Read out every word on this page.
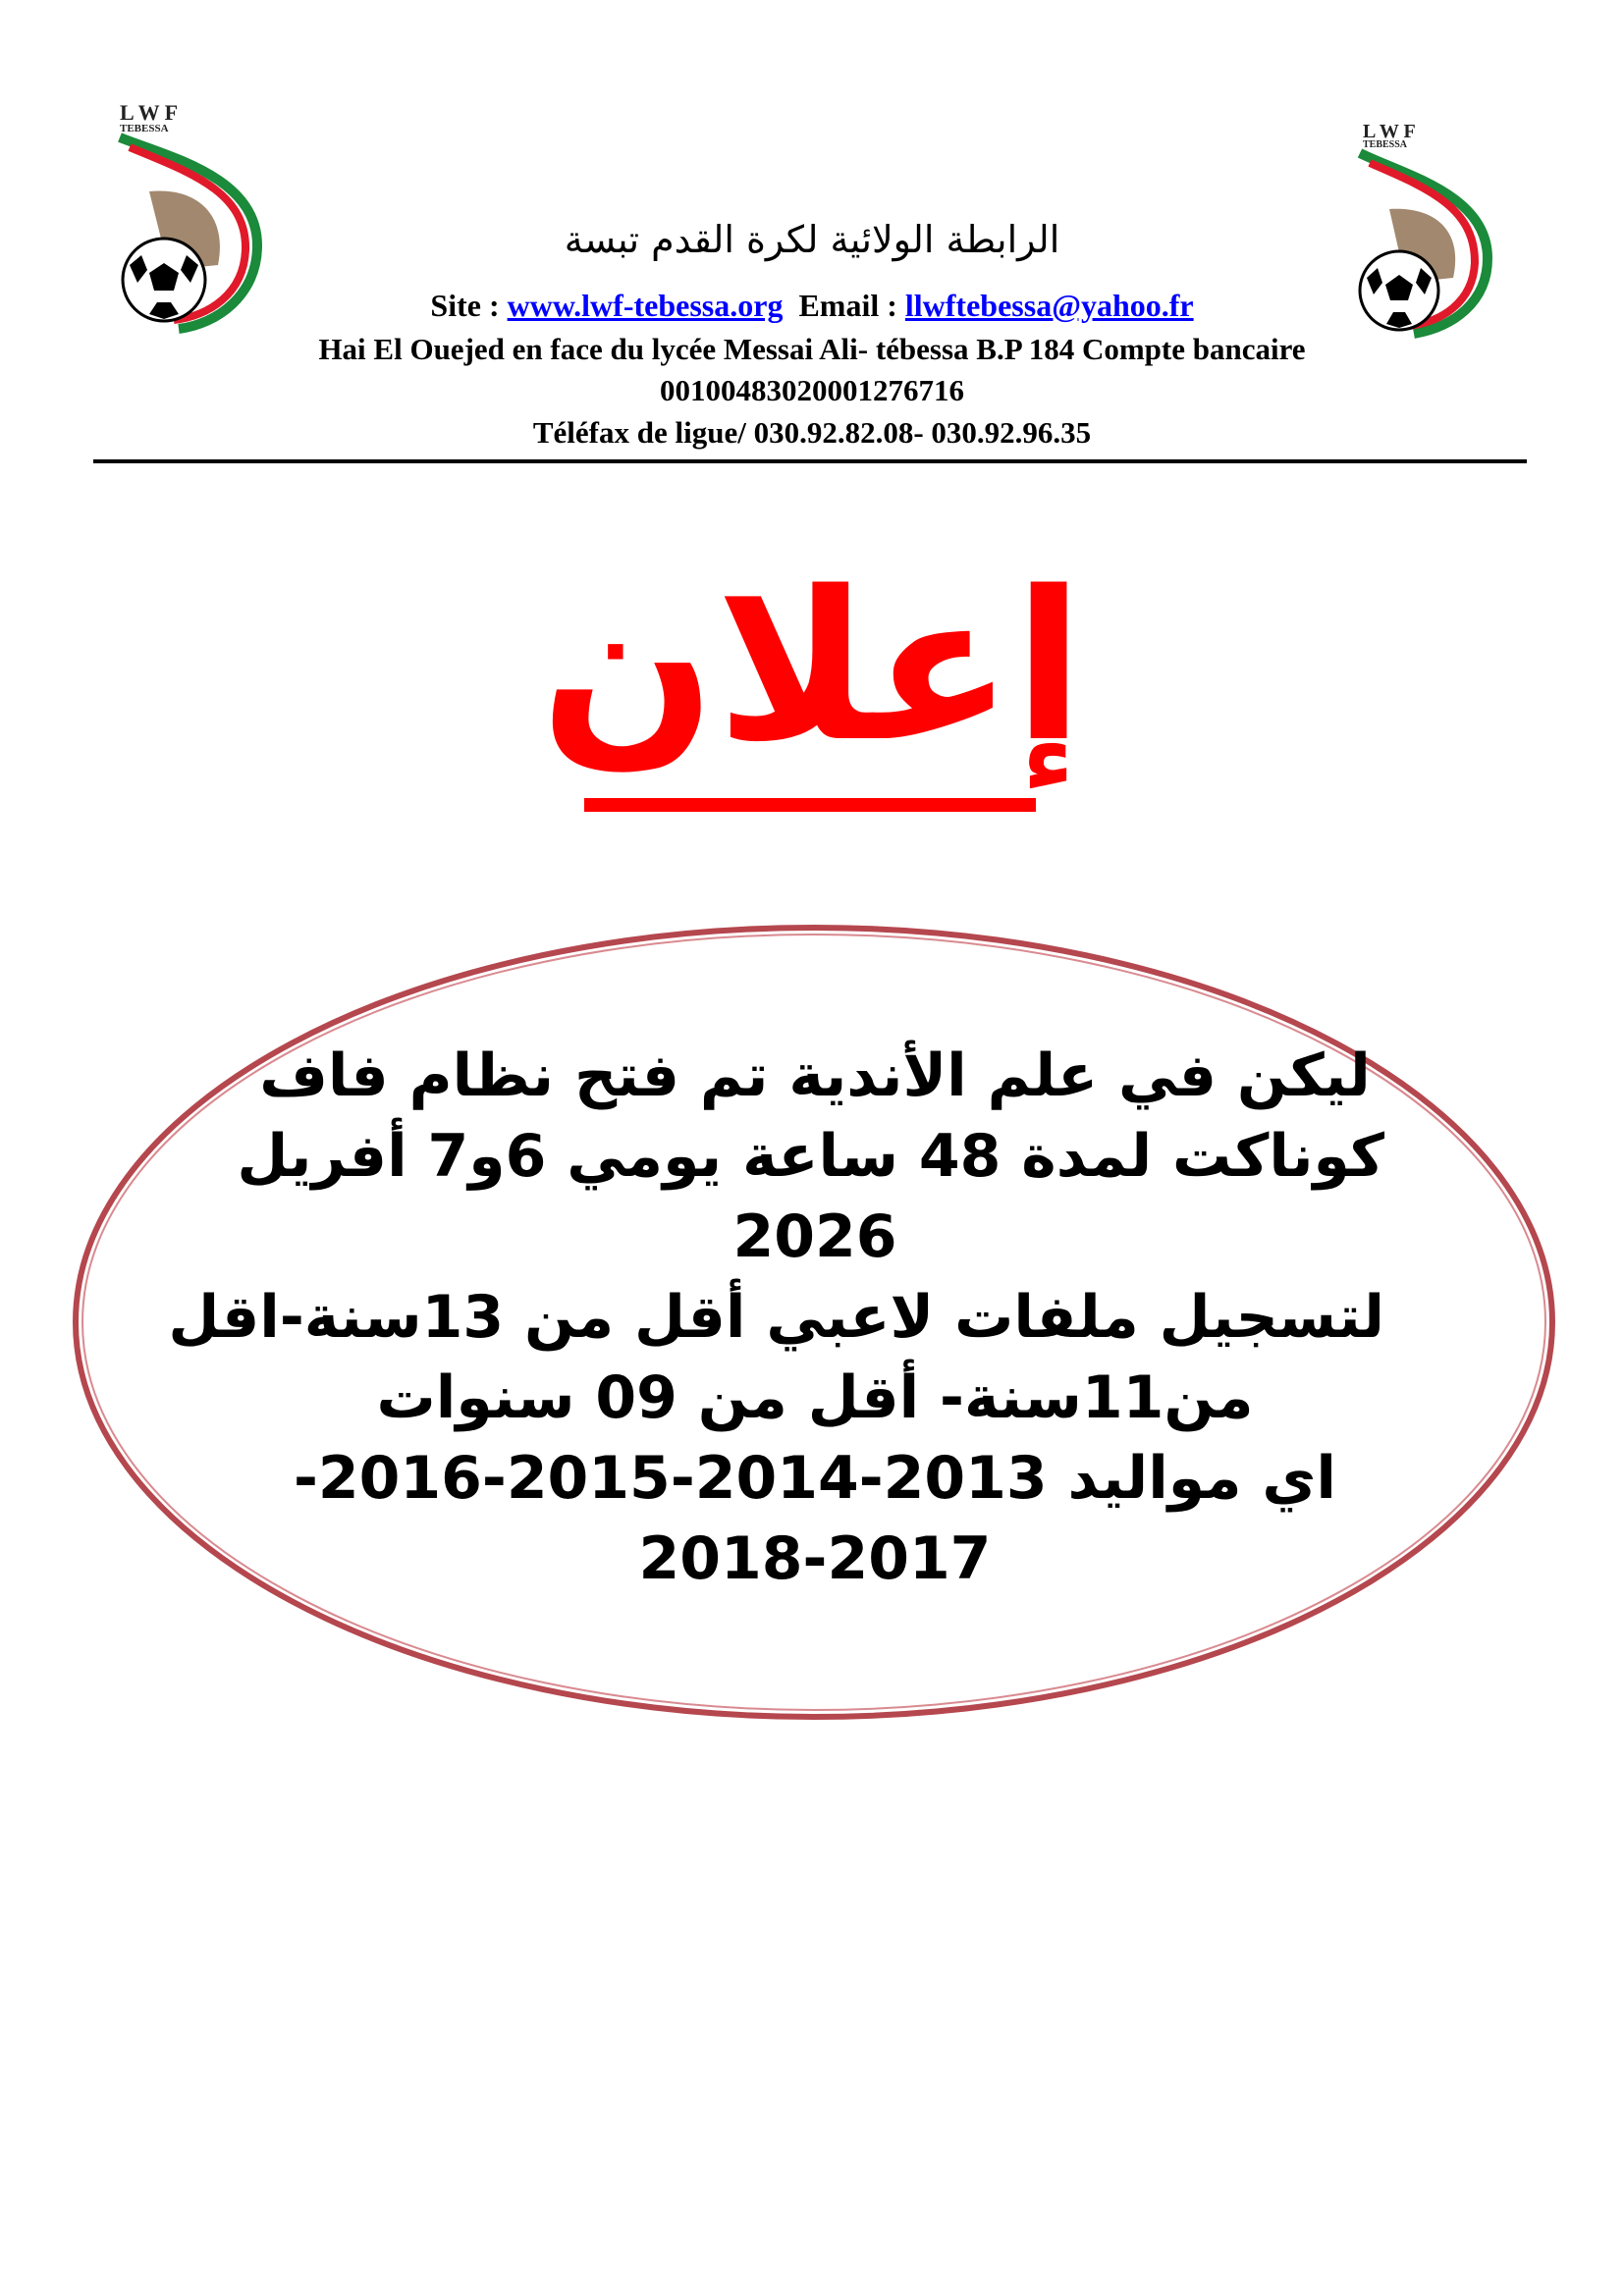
L W F
TEBESSA	L W F
TEBESSA
الرابطة الولائية لكرة القدم تبسة
Site : www.lwf-tebessa.org Email : llwftebessa@yahoo.fr
Hai El Ouejed en face du lycée Messai Ali- tébessa B.P 184 Compte bancaire
00100483020001276716
Téléfax de ligue/ 030.92.82.08- 030.92.96.35
إعلان
ليكن في علم الأندية تم فتح نظام فاف
كوناكت لمدة 48 ساعة يومي 6و7 أفريل
2026
لتسجيل ملفات لاعبي أقل من 13سنة-اقل
من11سنة- أقل من 09 سنوات
اي مواليد 2013-2014-2015-2016-
2018-2017
